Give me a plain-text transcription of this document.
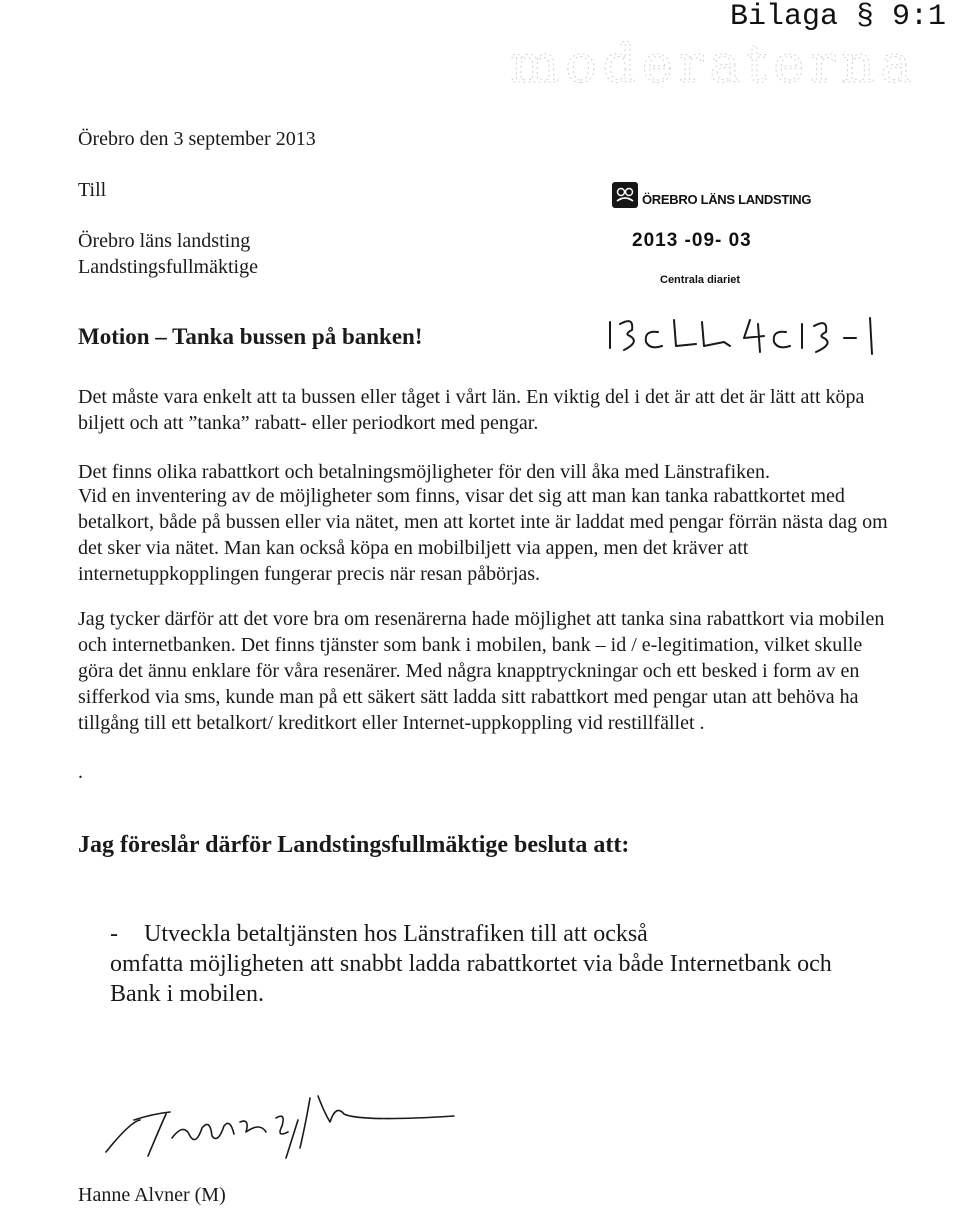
Bilaga § 9:1
moderaterna
Örebro den 3 september 2013
Till
Örebro läns landsting
Landstingsfullmäktige
ÖREBRO LÄNS LANDSTING
2013 -09- 03
Centrala diariet
Motion – Tanka bussen på banken!
Det måste vara enkelt att ta bussen eller tåget i vårt län. En viktig del i det är att det är lätt att köpa biljett och att ”tanka” rabatt- eller periodkort med pengar.
Det finns olika rabattkort och betalningsmöjligheter för den vill åka med Länstrafiken.
Vid en inventering av de möjligheter som finns, visar det sig att man kan tanka rabattkortet med betalkort, både på bussen eller via nätet, men att kortet inte är laddat med pengar förrän nästa dag om det sker via nätet. Man kan också köpa en mobilbiljett via appen, men det kräver att internetuppkopplingen fungerar precis när resan påbörjas.
Jag tycker därför att det vore bra om resenärerna hade möjlighet att tanka sina rabattkort via mobilen och internetbanken. Det finns tjänster som bank i mobilen, bank – id / e-legitimation, vilket skulle göra det ännu enklare för våra resenärer. Med några knapptryckningar och ett besked i form av en sifferkod via sms, kunde man på ett säkert sätt ladda sitt rabattkort med pengar utan att behöva ha tillgång till ett betalkort/ kreditkort eller Internet-uppkoppling vid restillfället .
.
Jag föreslår därför Landstingsfullmäktige besluta att:
- Utveckla betaltjänsten hos Länstrafiken till att också
omfatta möjligheten att snabbt ladda rabattkortet via både Internetbank och
Bank i mobilen.
Hanne Alvner (M)
